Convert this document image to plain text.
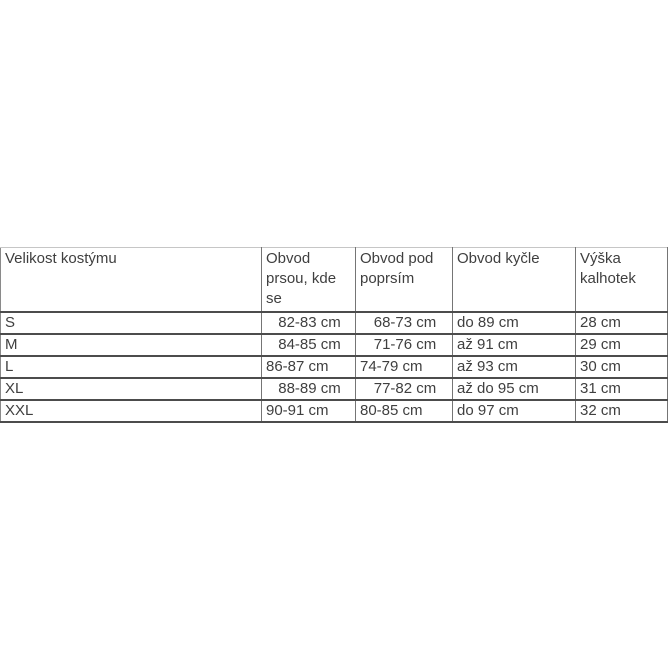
Velikost kostýmu	Obvod prsou, kde se	Obvod pod poprsím	Obvod kyčle	Výška kalhotek
S	82-83 cm	68-73 cm	do 89 cm	28 cm
M	84-85 cm	71-76 cm	až 91 cm	29 cm
L	86-87 cm	74-79 cm	až 93 cm	30 cm
XL	88-89 cm	77-82 cm	až do 95 cm	31 cm
XXL	90-91 cm	80-85 cm	do 97 cm	32 cm
